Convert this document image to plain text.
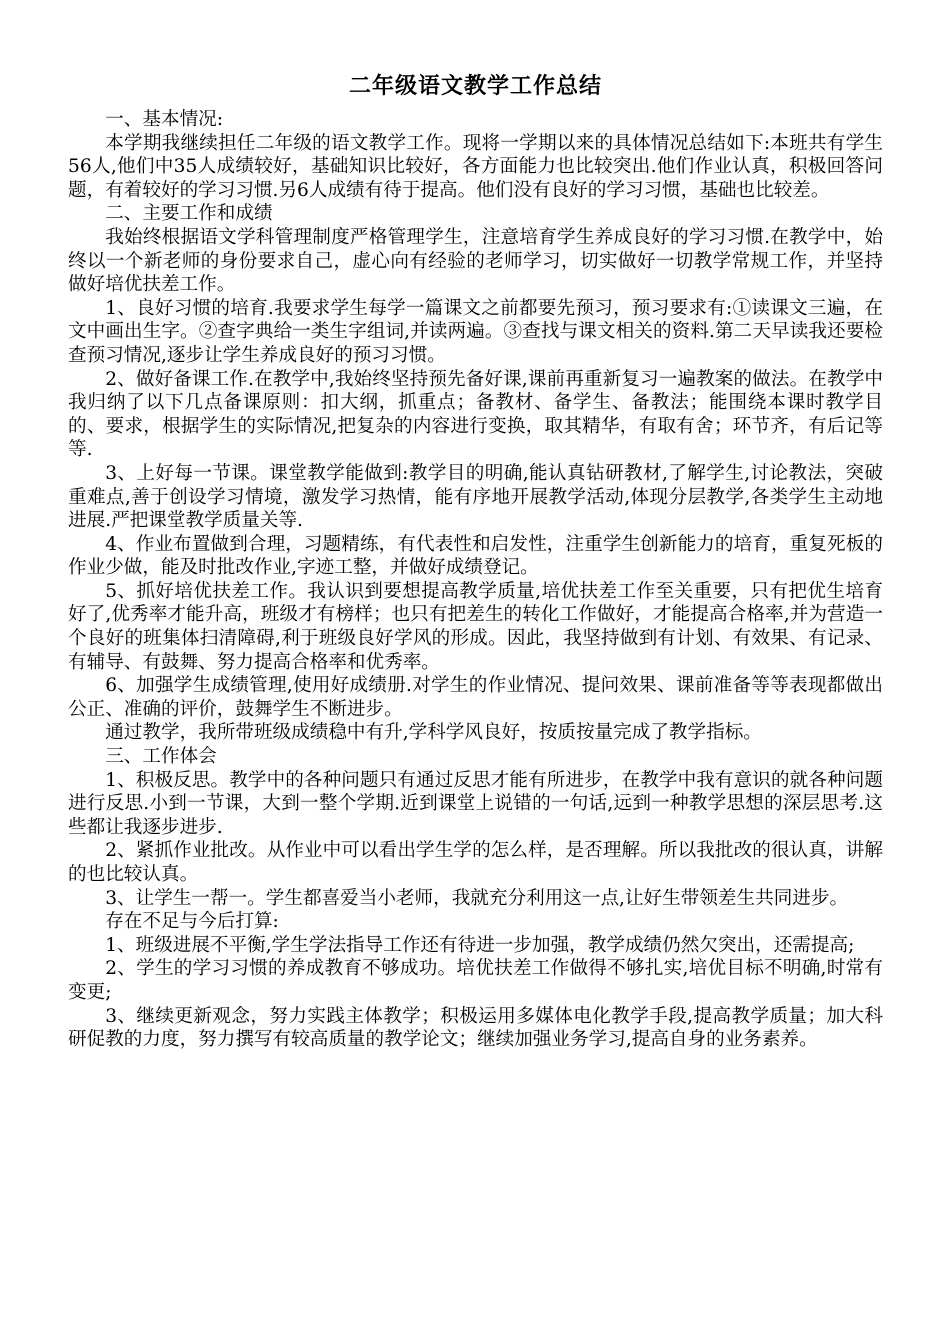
二年级语文教学工作总结

一、基本情况:

本学期我继续担任二年级的语文教学工作。现将一学期以来的具体情况总结如下:本班共有学生56人,他们中35人成绩较好，基础知识比较好，各方面能力也比较突出.他们作业认真，积极回答问题，有着较好的学习习惯.另6人成绩有待于提高。他们没有良好的学习习惯，基础也比较差。

二、主要工作和成绩

我始终根据语文学科管理制度严格管理学生，注意培育学生养成良好的学习习惯.在教学中，始终以一个新老师的身份要求自己，虚心向有经验的老师学习，切实做好一切教学常规工作，并坚持做好培优扶差工作。

1、良好习惯的培育.我要求学生每学一篇课文之前都要先预习，预习要求有:①读课文三遍，在文中画出生字。②查字典给一类生字组词,并读两遍。③查找与课文相关的资料.第二天早读我还要检查预习情况,逐步让学生养成良好的预习习惯。

2、做好备课工作.在教学中,我始终坚持预先备好课,课前再重新复习一遍教案的做法。在教学中我归纳了以下几点备课原则：扣大纲，抓重点；备教材、备学生、备教法；能围绕本课时教学目的、要求，根据学生的实际情况,把复杂的内容进行变换，取其精华，有取有舍；环节齐，有后记等等.

3、上好每一节课。课堂教学能做到:教学目的明确,能认真钻研教材,了解学生,讨论教法，突破重难点,善于创设学习情境，激发学习热情，能有序地开展教学活动,体现分层教学,各类学生主动地进展.严把课堂教学质量关等.

4、作业布置做到合理，习题精练，有代表性和启发性，注重学生创新能力的培育，重复死板的作业少做，能及时批改作业,字迹工整，并做好成绩登记。

5、抓好培优扶差工作。我认识到要想提高教学质量,培优扶差工作至关重要，只有把优生培育好了,优秀率才能升高，班级才有榜样；也只有把差生的转化工作做好，才能提高合格率,并为营造一个良好的班集体扫清障碍,利于班级良好学风的形成。因此，我坚持做到有计划、有效果、有记录、有辅导、有鼓舞、努力提高合格率和优秀率。

6、加强学生成绩管理,使用好成绩册.对学生的作业情况、提问效果、课前准备等等表现都做出公正、准确的评价，鼓舞学生不断进步。

通过教学，我所带班级成绩稳中有升,学科学风良好，按质按量完成了教学指标。

三、工作体会

1、积极反思。教学中的各种问题只有通过反思才能有所进步，在教学中我有意识的就各种问题进行反思.小到一节课，大到一整个学期.近到课堂上说错的一句话,远到一种教学思想的深层思考.这些都让我逐步进步.

2、紧抓作业批改。从作业中可以看出学生学的怎么样，是否理解。所以我批改的很认真，讲解的也比较认真。

3、让学生一帮一。学生都喜爱当小老师，我就充分利用这一点,让好生带领差生共同进步。

存在不足与今后打算:

1、班级进展不平衡,学生学法指导工作还有待进一步加强，教学成绩仍然欠突出，还需提高;

2、学生的学习习惯的养成教育不够成功。培优扶差工作做得不够扎实,培优目标不明确,时常有变更;

3、继续更新观念，努力实践主体教学；积极运用多媒体电化教学手段,提高教学质量；加大科研促教的力度，努力撰写有较高质量的教学论文；继续加强业务学习,提高自身的业务素养。
